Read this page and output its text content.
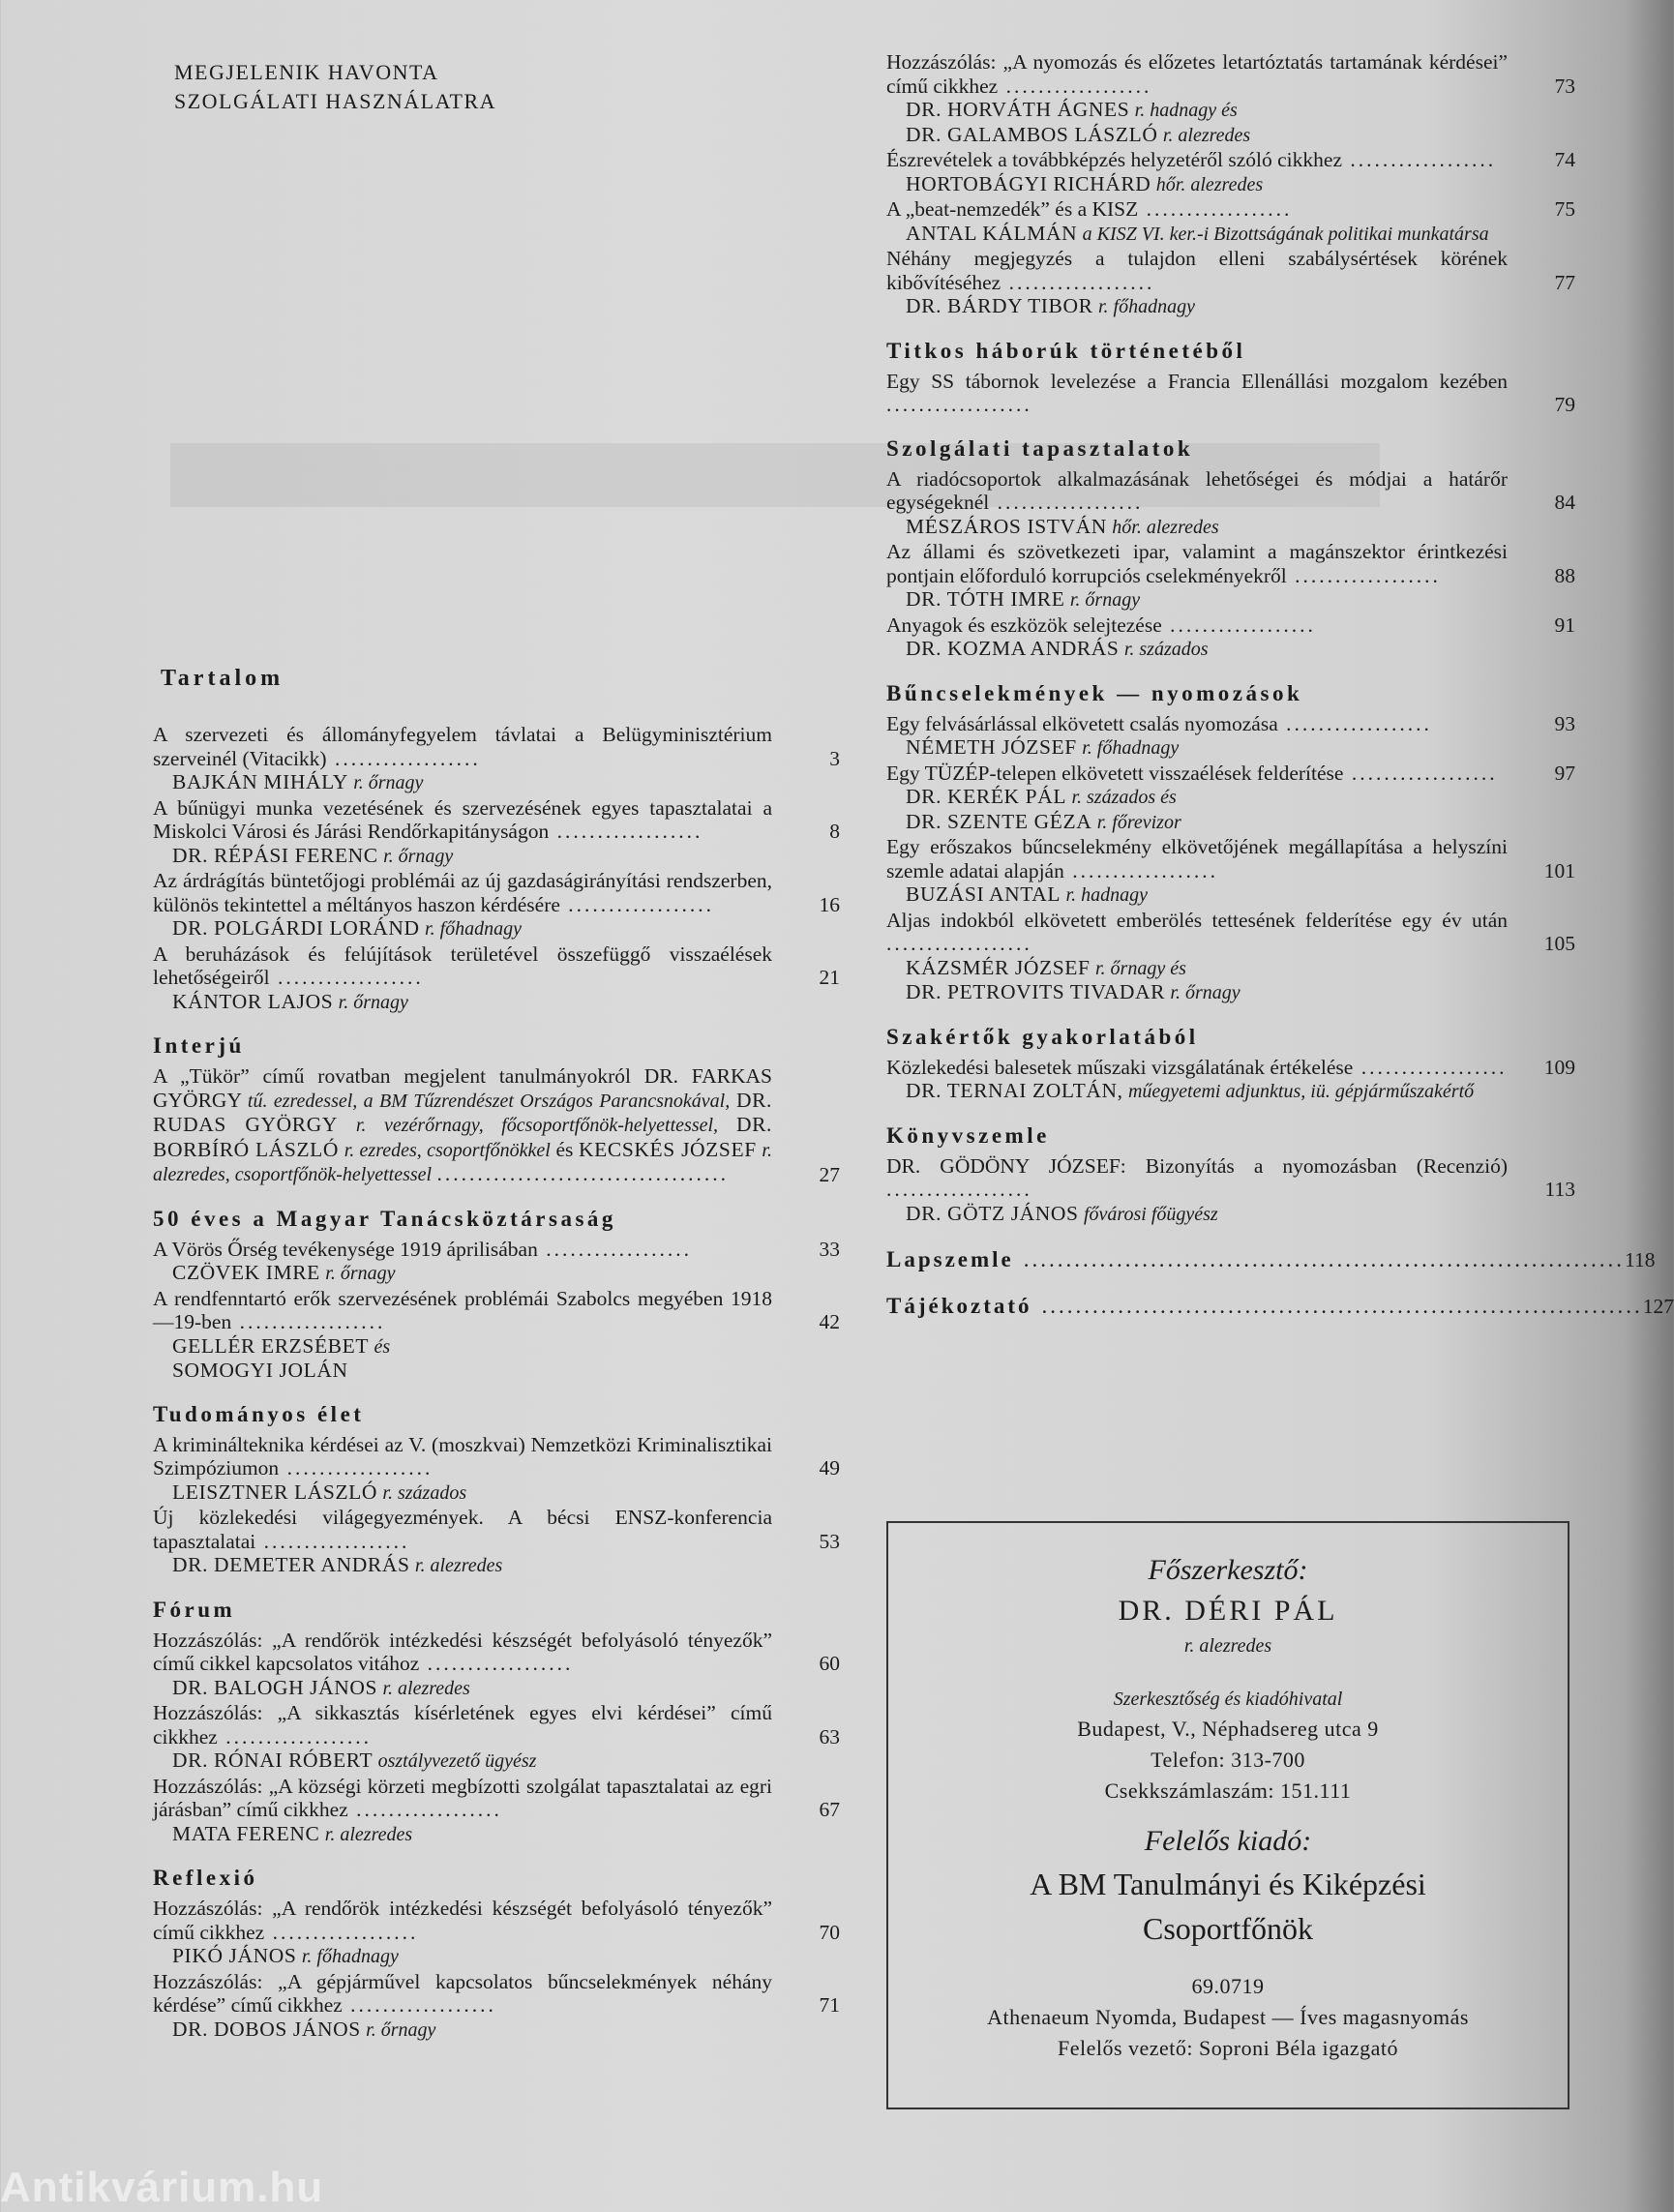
MEGJELENIK HAVONTA
SZOLGÁLATI HASZNÁLATRA
Tartalom
A szervezeti és állományfegyelem távlatai a Belügyminisztérium szerveinél (Vitacikk) ..................	3
BAJKÁN MIHÁLY r. őrnagy
A bűnügyi munka vezetésének és szervezésének egyes tapasztalatai a Miskolci Városi és Járási Rendőrkapitányságon ..................	8
DR. RÉPÁSI FERENC r. őrnagy
Az árdrágítás büntetőjogi problémái az új gazdaságirányítási rendszerben, különös tekintettel a méltányos haszon kérdésére ..................	16
DR. POLGÁRDI LORÁND r. főhadnagy
A beruházások és felújítások területével összefüggő visszaélések lehetőségeiről ..................	21
KÁNTOR LAJOS r. őrnagy
Interjú
A „Tükör” című rovatban megjelent tanulmányokról DR. FARKAS GYÖRGY tű. ezredessel, a BM Tűzrendészet Országos Parancsnokával, DR. RUDAS GYÖRGY r. vezérőrnagy, főcsoportfőnök-helyettessel, DR. BORBÍRÓ LÁSZLÓ r. ezredes, csoportfőnökkel és KECSKÉS JÓZSEF r. alezredes, csoportfőnök-helyettessel ....................................	27
50 éves a Magyar Tanácsköztársaság
A Vörös Őrség tevékenysége 1919 áprilisában ..................	33
CZÖVEK IMRE r. őrnagy
A rendfenntartó erők szervezésének problémái Szabolcs megyében 1918—19-ben ..................	42
GELLÉR ERZSÉBET és
SOMOGYI JOLÁN
Tudományos élet
A kriminálteknika kérdései az V. (moszkvai) Nemzetközi Kriminalisztikai Szimpóziumon ..................	49
LEISZTNER LÁSZLÓ r. százados
Új közlekedési világegyezmények. A bécsi ENSZ-konferencia tapasztalatai ..................	53
DR. DEMETER ANDRÁS r. alezredes
Fórum
Hozzászólás: „A rendőrök intézkedési készségét befolyásoló tényezők” című cikkel kapcsolatos vitához ..................	60
DR. BALOGH JÁNOS r. alezredes
Hozzászólás: „A sikkasztás kísérletének egyes elvi kérdései” című cikkhez ..................	63
DR. RÓNAI RÓBERT osztályvezető ügyész
Hozzászólás: „A községi körzeti megbízotti szolgálat tapasztalatai az egri járásban” című cikkhez ..................	67
MATA FERENC r. alezredes
Reflexió
Hozzászólás: „A rendőrök intézkedési készségét befolyásoló tényezők” című cikkhez ..................	70
PIKÓ JÁNOS r. főhadnagy
Hozzászólás: „A gépjárművel kapcsolatos bűncselekmények néhány kérdése” című cikkhez ..................	71
DR. DOBOS JÁNOS r. őrnagy
Hozzászólás: „A nyomozás és előzetes letartóztatás tartamának kérdései” című cikkhez ..................	73
DR. HORVÁTH ÁGNES r. hadnagy és
DR. GALAMBOS LÁSZLÓ r. alezredes
Észrevételek a továbbképzés helyzetéről szóló cikkhez ..................	74
HORTOBÁGYI RICHÁRD hőr. alezredes
A „beat-nemzedék” és a KISZ ..................	75
ANTAL KÁLMÁN a KISZ VI. ker.-i Bizottságának politikai munkatársa
Néhány megjegyzés a tulajdon elleni szabálysértések körének kibővítéséhez ..................	77
DR. BÁRDY TIBOR r. főhadnagy
Titkos háborúk történetéből
Egy SS tábornok levelezése a Francia Ellenállási mozgalom kezében ..................	79
Szolgálati tapasztalatok
A riadócsoportok alkalmazásának lehetőségei és módjai a határőr egységeknél ..................	84
MÉSZÁROS ISTVÁN hőr. alezredes
Az állami és szövetkezeti ipar, valamint a magánszektor érintkezési pontjain előforduló korrupciós cselekményekről ..................	88
DR. TÓTH IMRE r. őrnagy
Anyagok és eszközök selejtezése ..................	91
DR. KOZMA ANDRÁS r. százados
Bűncselekmények — nyomozások
Egy felvásárlással elkövetett csalás nyomozása ..................	93
NÉMETH JÓZSEF r. főhadnagy
Egy TÜZÉP-telepen elkövetett visszaélések felderítése ..................	97
DR. KERÉK PÁL r. százados és
DR. SZENTE GÉZA r. főrevizor
Egy erőszakos bűncselekmény elkövetőjének megállapítása a helyszíni szemle adatai alapján ..................	101
BUZÁSI ANTAL r. hadnagy
Aljas indokból elkövetett emberölés tettesének felderítése egy év után ..................	105
KÁZSMÉR JÓZSEF r. őrnagy és
DR. PETROVITS TIVADAR r. őrnagy
Szakértők gyakorlatából
Közlekedési balesetek műszaki vizsgálatának értékelése ..................	109
DR. TERNAI ZOLTÁN, műegyetemi adjunktus, iü. gépjárműszakértő
Könyvszemle
DR. GÖDÖNY JÓZSEF: Bizonyítás a nyomozásban (Recenzió) ..................	113
DR. GÖTZ JÁNOS fővárosi főügyész
Lapszemle ....................................................................... 118
Tájékoztató ....................................................................... 127
Főszerkesztő:
DR. DÉRI PÁL
r. alezredes
Szerkesztőség és kiadóhivatal
Budapest, V., Néphadsereg utca 9
Telefon: 313-700
Csekkszámlaszám: 151.111
Felelős kiadó:
A BM Tanulmányi és Kiképzési
Csoportfőnök
69.0719
Athenaeum Nyomda, Budapest — Íves magasnyomás
Felelős vezető: Soproni Béla igazgató
Antikvárium.hu
